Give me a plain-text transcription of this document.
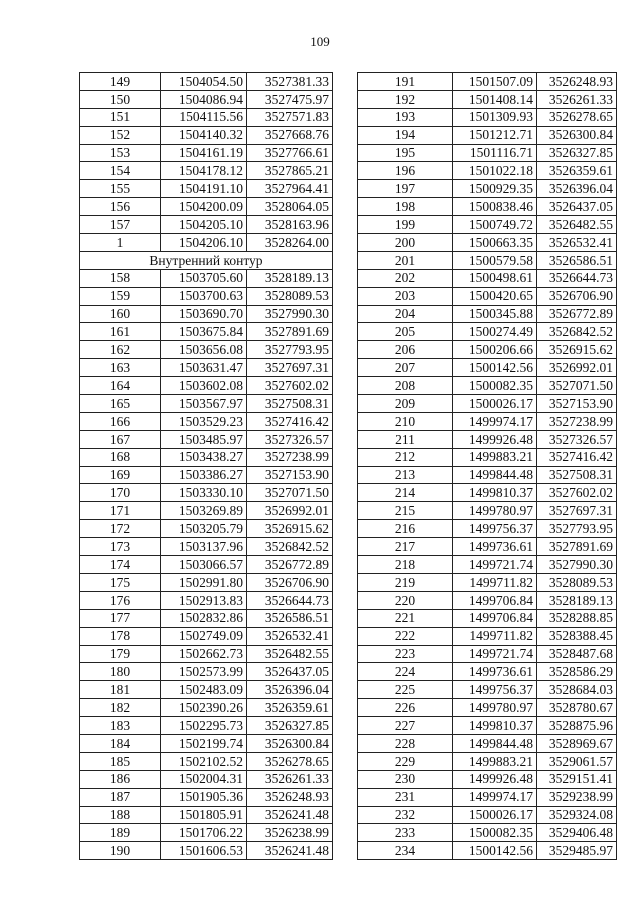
109
149	1504054.50	3527381.33
150	1504086.94	3527475.97
151	1504115.56	3527571.83
152	1504140.32	3527668.76
153	1504161.19	3527766.61
154	1504178.12	3527865.21
155	1504191.10	3527964.41
156	1504200.09	3528064.05
157	1504205.10	3528163.96
1	1504206.10	3528264.00
Внутренний контур		
158	1503705.60	3528189.13
159	1503700.63	3528089.53
160	1503690.70	3527990.30
161	1503675.84	3527891.69
162	1503656.08	3527793.95
163	1503631.47	3527697.31
164	1503602.08	3527602.02
165	1503567.97	3527508.31
166	1503529.23	3527416.42
167	1503485.97	3527326.57
168	1503438.27	3527238.99
169	1503386.27	3527153.90
170	1503330.10	3527071.50
171	1503269.89	3526992.01
172	1503205.79	3526915.62
173	1503137.96	3526842.52
174	1503066.57	3526772.89
175	1502991.80	3526706.90
176	1502913.83	3526644.73
177	1502832.86	3526586.51
178	1502749.09	3526532.41
179	1502662.73	3526482.55
180	1502573.99	3526437.05
181	1502483.09	3526396.04
182	1502390.26	3526359.61
183	1502295.73	3526327.85
184	1502199.74	3526300.84
185	1502102.52	3526278.65
186	1502004.31	3526261.33
187	1501905.36	3526248.93
188	1501805.91	3526241.48
189	1501706.22	3526238.99
190	1501606.53	3526241.48
191	1501507.09	3526248.93
192	1501408.14	3526261.33
193	1501309.93	3526278.65
194	1501212.71	3526300.84
195	1501116.71	3526327.85
196	1501022.18	3526359.61
197	1500929.35	3526396.04
198	1500838.46	3526437.05
199	1500749.72	3526482.55
200	1500663.35	3526532.41
201	1500579.58	3526586.51
202	1500498.61	3526644.73
203	1500420.65	3526706.90
204	1500345.88	3526772.89
205	1500274.49	3526842.52
206	1500206.66	3526915.62
207	1500142.56	3526992.01
208	1500082.35	3527071.50
209	1500026.17	3527153.90
210	1499974.17	3527238.99
211	1499926.48	3527326.57
212	1499883.21	3527416.42
213	1499844.48	3527508.31
214	1499810.37	3527602.02
215	1499780.97	3527697.31
216	1499756.37	3527793.95
217	1499736.61	3527891.69
218	1499721.74	3527990.30
219	1499711.82	3528089.53
220	1499706.84	3528189.13
221	1499706.84	3528288.85
222	1499711.82	3528388.45
223	1499721.74	3528487.68
224	1499736.61	3528586.29
225	1499756.37	3528684.03
226	1499780.97	3528780.67
227	1499810.37	3528875.96
228	1499844.48	3528969.67
229	1499883.21	3529061.57
230	1499926.48	3529151.41
231	1499974.17	3529238.99
232	1500026.17	3529324.08
233	1500082.35	3529406.48
234	1500142.56	3529485.97
